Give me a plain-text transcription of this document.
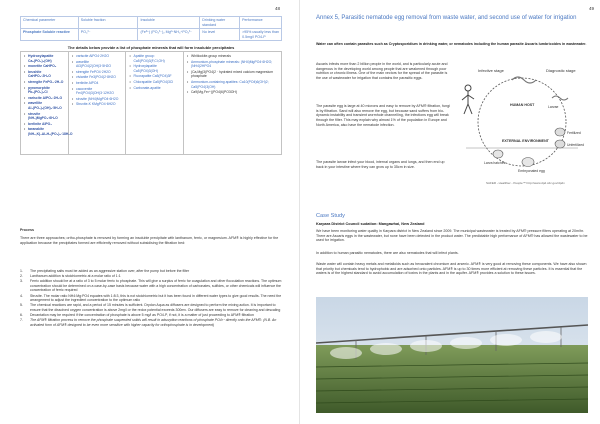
48
Chemical parameter	Soluble fraction	Insoluble	Drinking water standard	Performance
Phosphate Soluble reactive	PO₄³⁻	(Fe³⁺) (PO₄³⁻)₂ Mg²⁺NH₄⁺PO₄³⁻	No level	>95% usually less than 0.5mg/l PO4-P
The details below provide a list of phosphate minerals that will form insoluble precipitates
• Hydroxylapatite Ca₅(PO₄)₃(OH)
• monetite CaHPO₄
• brushite CaHPO₄·2H₂O
• strengite FePO₄·2H₂O
• pyromorphite Pb₅(PO₄)₃Cl
• variscite AlPO₄·2H₂O
• wavellite Al₃(PO₄)₂(OH)₃·5H₂O
• struvite (NH₄)MgPO₄·6H₂O
• berlinite AlPO₄
• taranakite (NH₄,K)₃Al₅H₆(PO₄)₈·18H₂O
• variscite AlPO4·2H2O
• wavellite Al3(PO4)2(OH)3·5H2O
• strengite FePO4·2H2O
• vivianite Fe3(PO4)2·8H2O
• berlinite AlPO4
• cacoxenite Fe4(PO4)3(OH)3·12H2O
• struvite (NH4)MgPO4·6H2O
• Struvite-K KMgPO4·6H2O
• Apatite group: Ca5(PO4)3(F,Cl,OH)
• Hydroxylapatite Ca5(PO4)3(OH)
• Fluorapatite Ca5(PO4)3F
• Chlorapatite Ca5(PO4)3Cl
• Carbonate-apatite
• Whitlockite-group minerals
• Ammonium-phosphate minerals: (NH4)MgPO4·6H2O; (NH4)2HPO4
• (Ca,Mg)3(PO4)2 · hydrated mixed calcium magnesium phosphate
• Ammonium-containing apatites: Ca10(PO4)6(OH)2; Ca5(PO4)3(OH)
• Ca9(Mg,Fe²⁺)(PO4)6(PO3OH)
Process
There are three approaches; ortho-phosphate is removed by forming an insoluble precipitate with lanthanum, ferric, or magnesium. AFM® is highly effective for the application because the precipitates formed are efficiently removed without subsidising the filtration bed:
1. The precipitating salts must be added as an aggressive station over, after the pump but before the filter
2. Lanthanum addition is stoichiometric at a molar ratio of 1:1
3. Ferric addition should be at a ratio of 3 to 5 molar ferric to phosphate. This will give a surplus of ferric for coagulation and other flocculation reactions. The optimum concentration should be determined on a case-by-case basis because water with a high concentration of carbonates, sulfides, or other chemicals will influence the concentration of ferric required
4. Struvite. The molar ratio NH4:Mg:PO4 equates with 1:8:3, this is not stoichiometric but it has been found in different water types to give good results. The need the arrangement to adjust the ingredient concentration to the optimum ratio
5. The chemical reactions are rapid, and a period of 15 minutes is sufficient. Drydon Aqua as diffusers are designed to perform the mixing action. It is important to ensure that the dissolved oxygen concentration is above 2mg/l or the redox potential exceeds 300mv. Our diffusers are easy to remove for cleaning and descaling
6. Decantation may be required if the concentration of phosphate is above 5 mg/l as PO4-P, if not, it is a matter of just proceeding to AFM® filtration
7. The AFM® filtration process to remove the phosphate suspended solids will result in adsorption reactions of phosphate PO4³⁻ directly onto the AFM®. (N.B. An activated form of AFM® designed to be even more sensitive with higher capacity for orthophosphate is in development)
49
Annex 5, Parasitic nematode egg removal from waste water, and second use of water for irrigation
Water can often contain parasites such as Cryptosporidium in drinking water, or nematodes including the human parasite Ascaris lumbricoides in wastewater.
Ascaris infects more than 2 billion people in the world, and is particularly acute and dangerous in the developing world among people that are weakened through poor nutrition or chronic illness. One of the main vectors for the spread of the parasite is the use of wastewater for irrigation that contains the parasitic eggs.
The parasite egg is large at 40 microns and easy to remove by AFM® filtration, fungi is by filtration. Sand will also remove the egg, but because sand suffers from bio-dynamic instability and transient wormhole channelling, the infections egg will break through the filter. This may explain why almost 1% of the population in Europe and North America, also have the nematode infection.
The parasite larvae infect your blood, internal organs and lungs, and then end up back in your intestine where they can grow up to 35cm in size.
Infective stage	Diagnostic stage
Fertilized
Unfertilized
Embryonated egg
Larva hatches
Larvae
EXTERNAL ENVIRONMENT
HUMAN HOST
SAFER - Healthier - People™ http://www.dpd.cdc.gov/dpdx
Case Study
Karpara District Council sudation: Mangawhai, New Zealand
We have been monitoring water quality in Karpara district in New Zealand since 2009. The municipal wastewater is treated by AFM® pressure filters operating at 20m/hr. There are Ascaris eggs in the wastewater, but none have been detected in the product water. The predictable high performance of AFM® has allowed the wastewater to be used for irrigation.
In addition to human parasitic nematodes, there are also nematodes that will infect plants.
Waste water will contain heavy metals and metalloids such as hexavalent chromium and arsenic. AFM® is very good at removing these components. We have also shown that priority but chemicals tend to hydrophobic and are adsorbed onto particles. AFM® is up to 30 times more efficient at removing these particles. It is essential that the waters is of the highest standard to avoid accumulation of toxins in the plants and in the aquifer. AFM® provides a solution to these issues.
